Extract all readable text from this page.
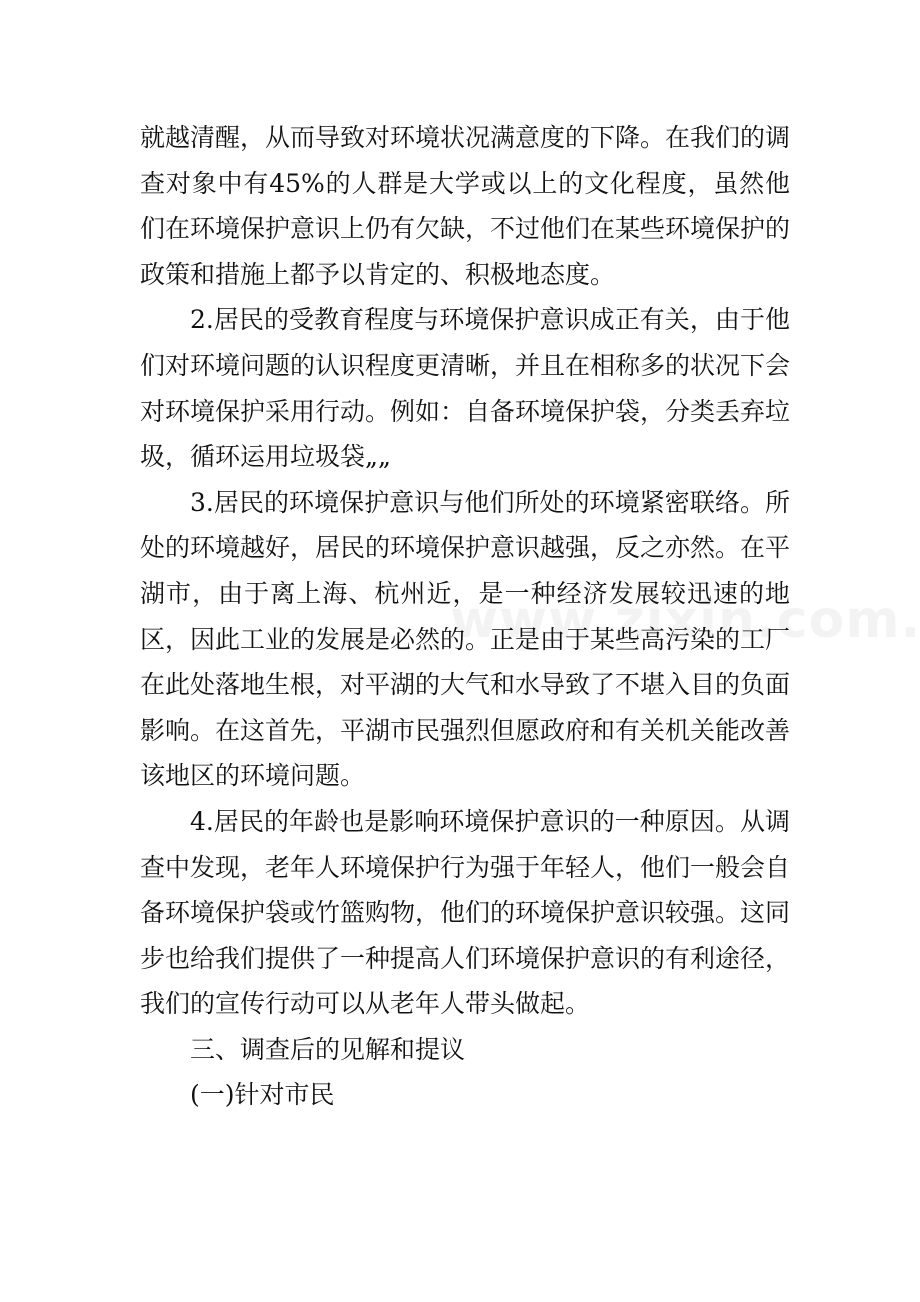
就越清醒，从而导致对环境状况满意度的下降。在我们的调查对象中有45%的人群是大学或以上的文化程度，虽然他们在环境保护意识上仍有欠缺，不过他们在某些环境保护的政策和措施上都予以肯定的、积极地态度。

2.居民的受教育程度与环境保护意识成正有关，由于他们对环境问题的认识程度更清晰，并且在相称多的状况下会对环境保护采用行动。例如：自备环境保护袋，分类丢弃垃圾，循环运用垃圾袋„„

3.居民的环境保护意识与他们所处的环境紧密联络。所处的环境越好，居民的环境保护意识越强，反之亦然。在平湖市，由于离上海、杭州近，是一种经济发展较迅速的地区，因此工业的发展是必然的。正是由于某些高污染的工厂在此处落地生根，对平湖的大气和水导致了不堪入目的负面影响。在这首先，平湖市民强烈但愿政府和有关机关能改善该地区的环境问题。

4.居民的年龄也是影响环境保护意识的一种原因。从调查中发现，老年人环境保护行为强于年轻人，他们一般会自备环境保护袋或竹篮购物，他们的环境保护意识较强。这同步也给我们提供了一种提高人们环境保护意识的有利途径，我们的宣传行动可以从老年人带头做起。

三、调查后的见解和提议

(一)针对市民
